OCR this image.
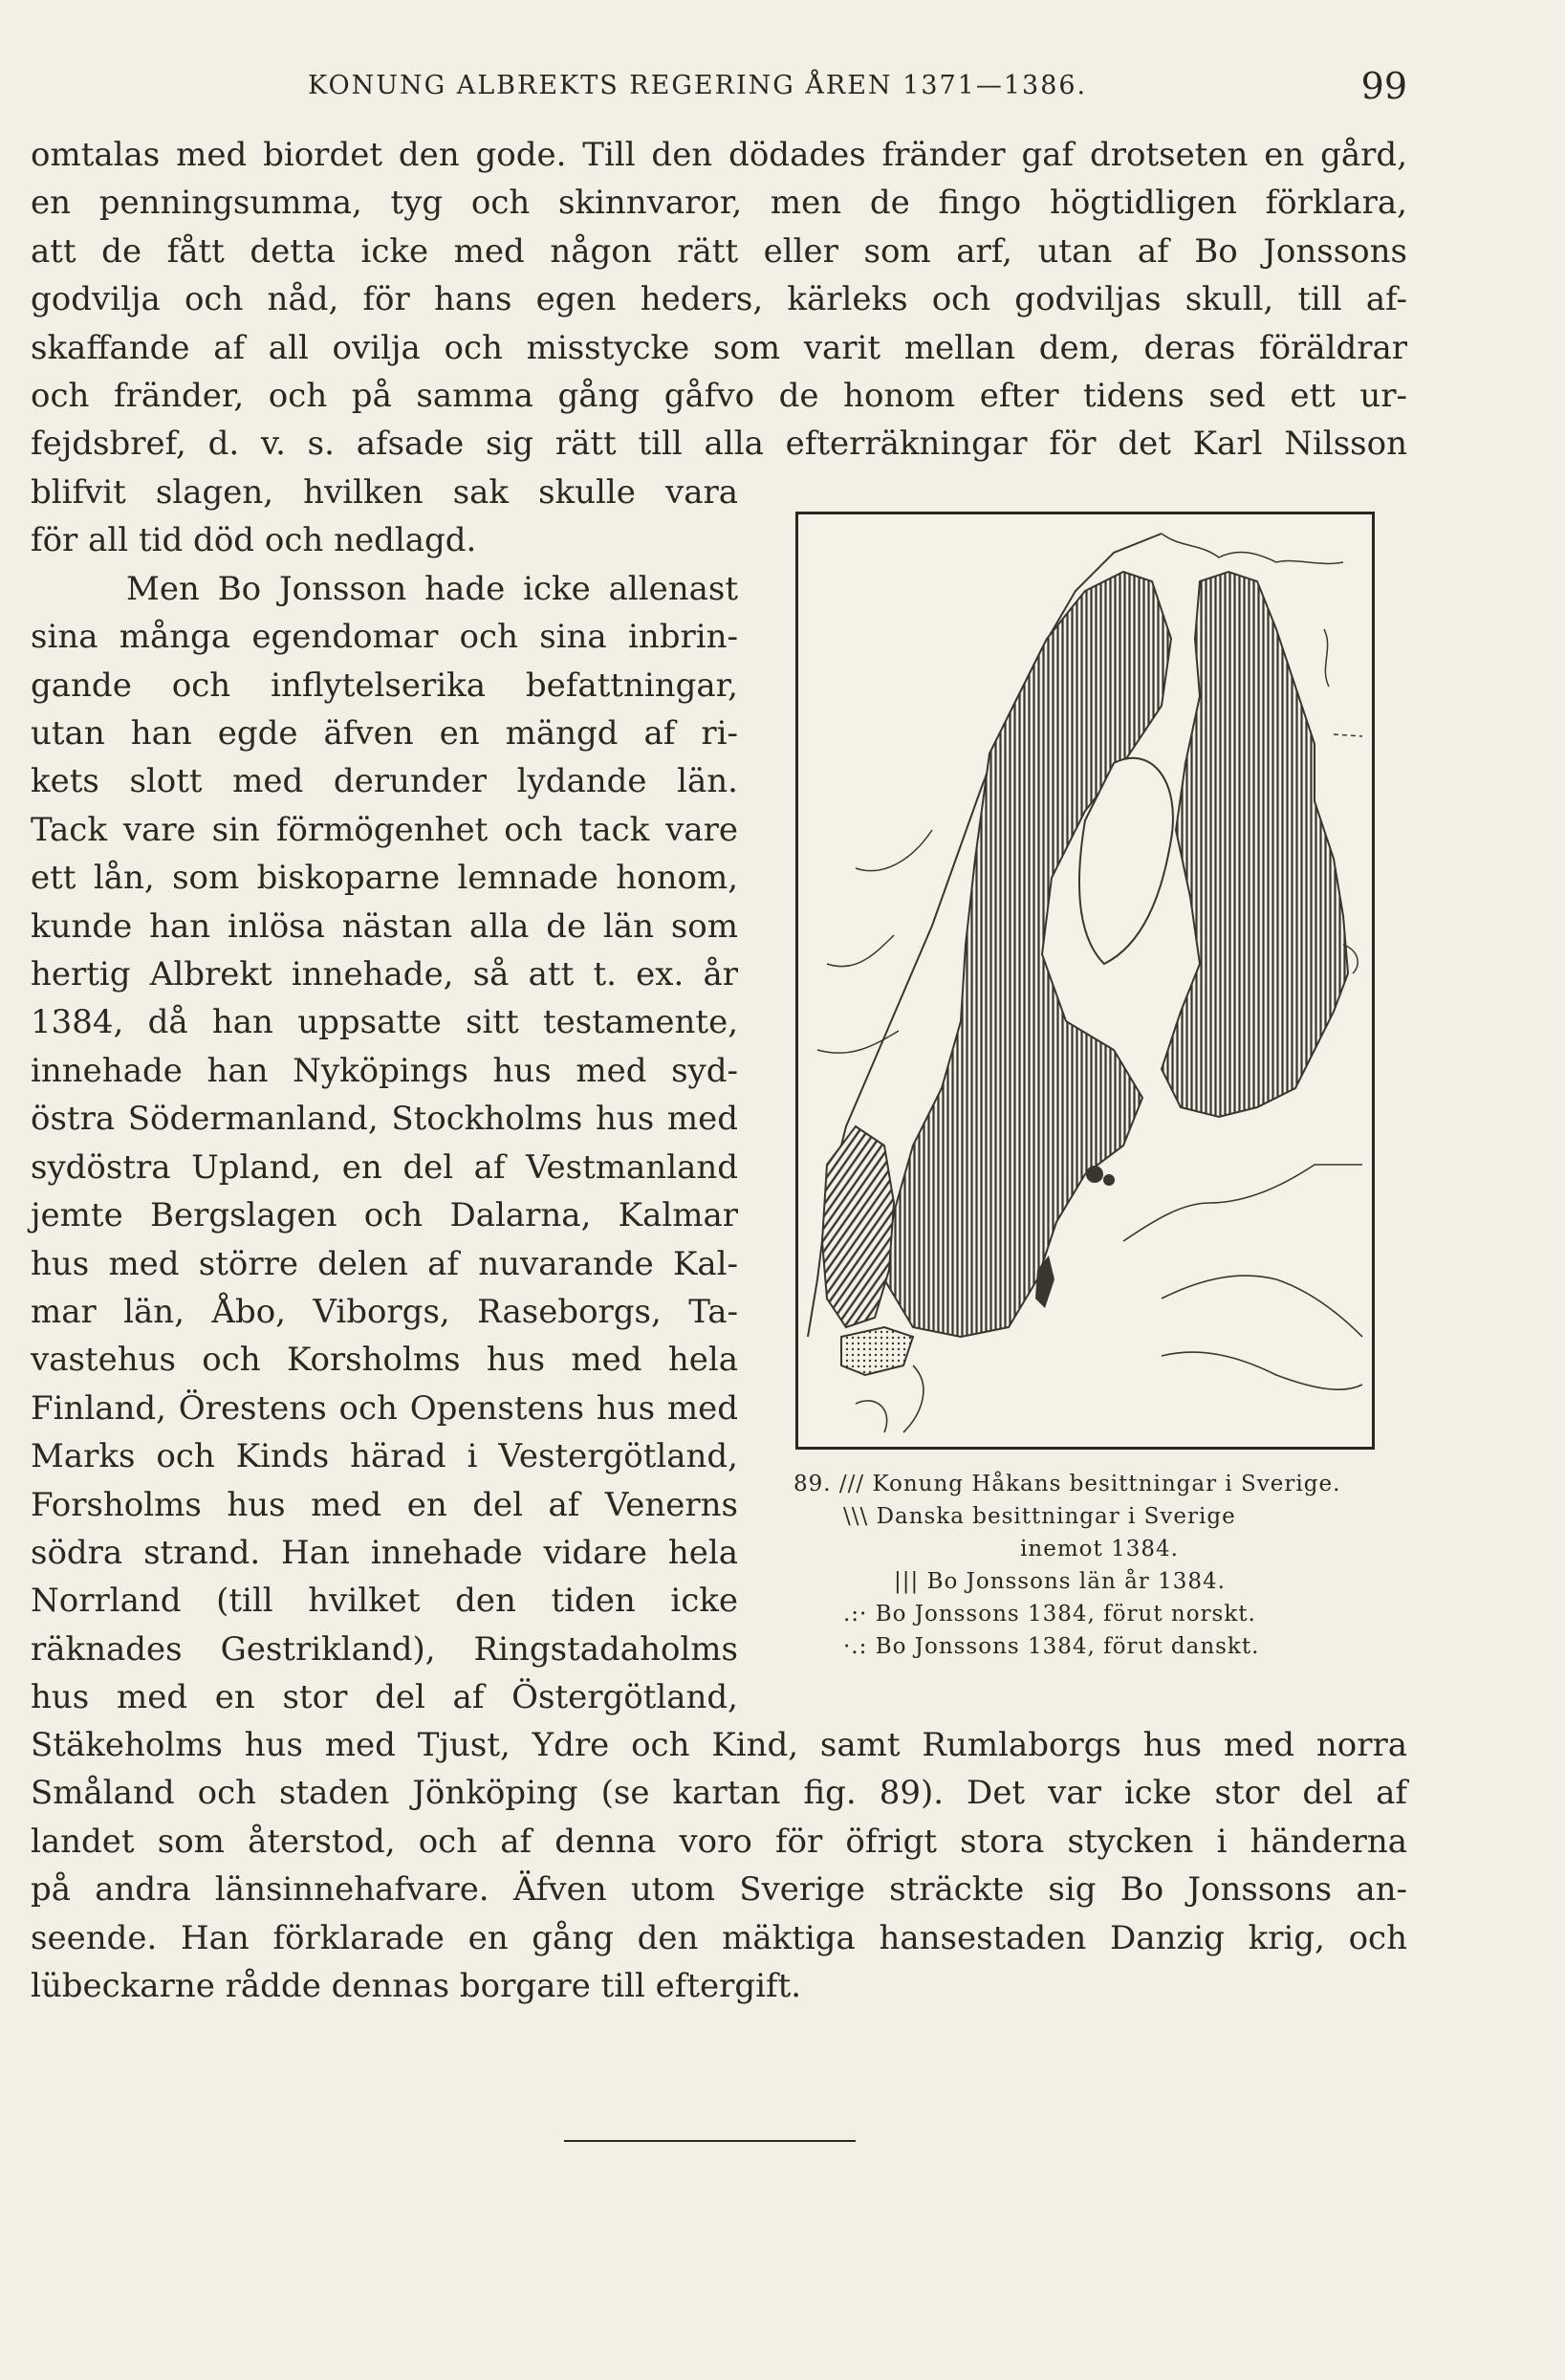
KONUNG ALBREKTS REGERING ÅREN 1371—1386.	99
omtalas med biordet den gode. Till den dödades fränder gaf drotseten en gård,
en penningsumma, tyg och skinnvaror, men de fingo högtidligen förklara,
att de fått detta icke med någon rätt eller som arf, utan af Bo Jonssons
godvilja och nåd, för hans egen heders, kärleks och godviljas skull, till af-
skaffande af all ovilja och misstycke som varit mellan dem, deras föräldrar
och fränder, och på samma gång gåfvo de honom efter tidens sed ett ur-
fejdsbref, d. v. s. afsade sig rätt till alla efterräkningar för det Karl Nilsson
blifvit slagen, hvilken sak skulle vara
för all tid död och nedlagd.
Men Bo Jonsson hade icke allenast
sina många egendomar och sina inbrin-
gande och inflytelserika befattningar,
utan han egde äfven en mängd af ri-
kets slott med derunder lydande län.
Tack vare sin förmögenhet och tack vare
ett lån, som biskoparne lemnade honom,
kunde han inlösa nästan alla de län som
hertig Albrekt innehade, så att t. ex. år
1384, då han uppsatte sitt testamente,
innehade han Nyköpings hus med syd-
östra Södermanland, Stockholms hus med
sydöstra Upland, en del af Vestmanland
jemte Bergslagen och Dalarna, Kalmar
hus med större delen af nuvarande Kal-
mar län, Åbo, Viborgs, Raseborgs, Ta-
vastehus och Korsholms hus med hela
Finland, Örestens och Openstens hus med
Marks och Kinds härad i Vestergötland,
Forsholms hus med en del af Venerns
södra strand. Han innehade vidare hela
Norrland (till hvilket den tiden icke
räknades Gestrikland), Ringstadaholms
hus med en stor del af Östergötland,
89. /// Konung Håkans besittningar i Sverige.
\\\ Danska besittningar i Sverige
inemot 1384.
||| Bo Jonssons län år 1384.
.:· Bo Jonssons 1384, förut norskt.
·.: Bo Jonssons 1384, förut danskt.
Stäkeholms hus med Tjust, Ydre och Kind, samt Rumlaborgs hus med norra
Småland och staden Jönköping (se kartan fig. 89). Det var icke stor del af
landet som återstod, och af denna voro för öfrigt stora stycken i händerna
på andra länsinnehafvare. Äfven utom Sverige sträckte sig Bo Jonssons an-
seende. Han förklarade en gång den mäktiga hansestaden Danzig krig, och
lübeckarne rådde dennas borgare till eftergift.
